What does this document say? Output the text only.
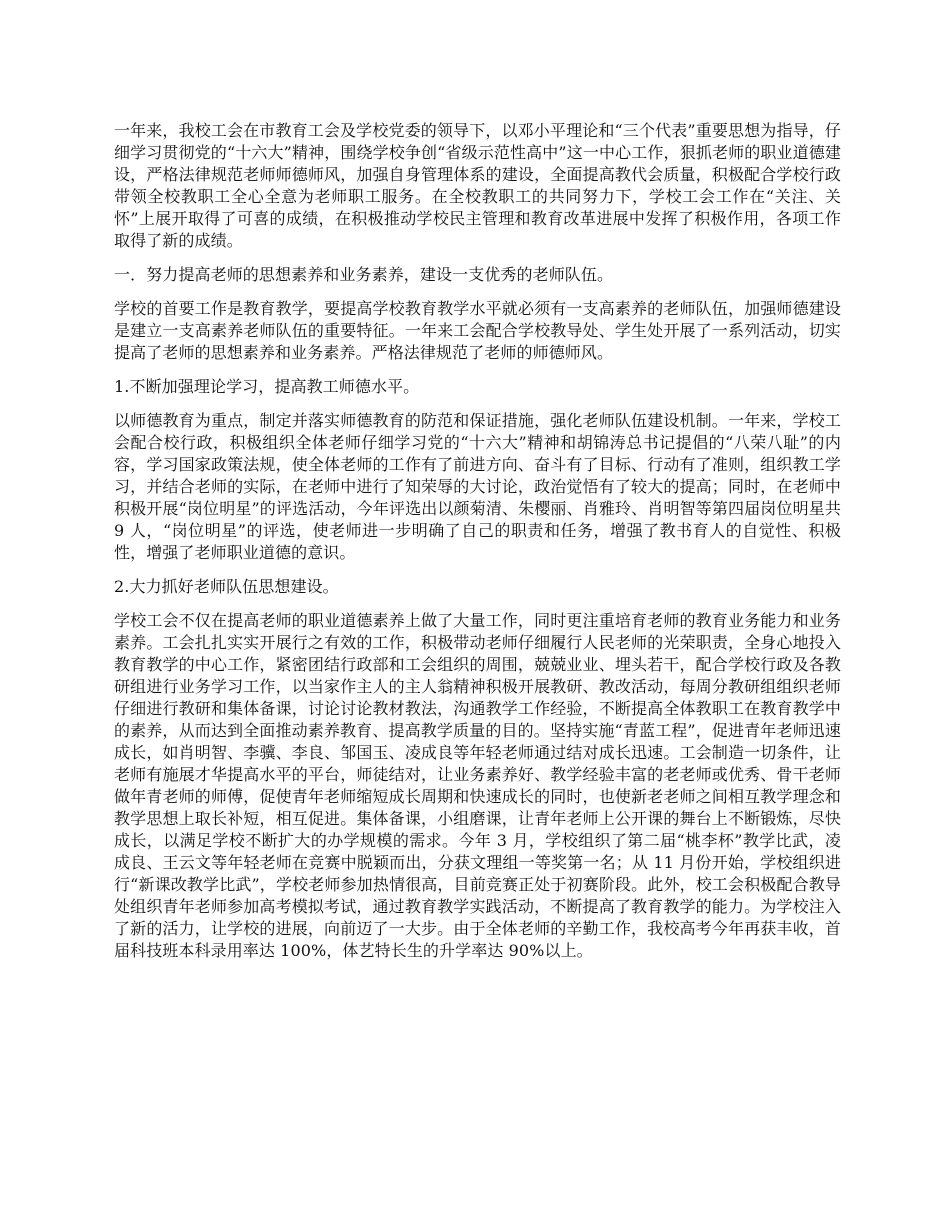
一年来，我校工会在市教育工会及学校党委的领导下，以邓小平理论和“三个代表”重要思想为指导，仔细学习贯彻党的“十六大”精神，围绕学校争创“省级示范性高中”这一中心工作，狠抓老师的职业道德建设，严格法律规范老师师德师风，加强自身管理体系的建设，全面提高教代会质量，积极配合学校行政带领全校教职工全心全意为老师职工服务。在全校教职工的共同努力下，学校工会工作在“关注、关怀”上展开取得了可喜的成绩，在积极推动学校民主管理和教育改革进展中发挥了积极作用，各项工作取得了新的成绩。

一．努力提高老师的思想素养和业务素养，建设一支优秀的老师队伍。

学校的首要工作是教育教学，要提高学校教育教学水平就必须有一支高素养的老师队伍，加强师德建设是建立一支高素养老师队伍的重要特征。一年来工会配合学校教导处、学生处开展了一系列活动，切实提高了老师的思想素养和业务素养。严格法律规范了老师的师德师风。

1.不断加强理论学习，提高教工师德水平。

以师德教育为重点，制定并落实师德教育的防范和保证措施，强化老师队伍建设机制。一年来，学校工会配合校行政，积极组织全体老师仔细学习党的“十六大”精神和胡锦涛总书记提倡的“八荣八耻”的内容，学习国家政策法规，使全体老师的工作有了前进方向、奋斗有了目标、行动有了准则，组织教工学习，并结合老师的实际，在老师中进行了知荣辱的大讨论，政治觉悟有了较大的提高；同时，在老师中积极开展“岗位明星”的评选活动，今年评选出以颜菊清、朱樱丽、肖雅玲、肖明智等第四届岗位明星共 9 人，“岗位明星”的评选，使老师进一步明确了自己的职责和任务，增强了教书育人的自觉性、积极性，增强了老师职业道德的意识。

2.大力抓好老师队伍思想建设。

学校工会不仅在提高老师的职业道德素养上做了大量工作，同时更注重培育老师的教育业务能力和业务素养。工会扎扎实实开展行之有效的工作，积极带动老师仔细履行人民老师的光荣职责，全身心地投入教育教学的中心工作，紧密团结行政部和工会组织的周围，兢兢业业、埋头若干，配合学校行政及各教研组进行业务学习工作，以当家作主人的主人翁精神积极开展教研、教改活动，每周分教研组组织老师仔细进行教研和集体备课，讨论讨论教材教法，沟通教学工作经验，不断提高全体教职工在教育教学中的素养，从而达到全面推动素养教育、提高教学质量的目的。坚持实施“青蓝工程”，促进青年老师迅速成长，如肖明智、李骥、李良、邹国玉、凌成良等年轻老师通过结对成长迅速。工会制造一切条件，让老师有施展才华提高水平的平台，师徒结对，让业务素养好、教学经验丰富的老老师或优秀、骨干老师做年青老师的师傅，促使青年老师缩短成长周期和快速成长的同时，也使新老老师之间相互教学理念和教学思想上取长补短，相互促进。集体备课，小组磨课，让青年老师上公开课的舞台上不断锻炼，尽快成长，以满足学校不断扩大的办学规模的需求。今年 3 月，学校组织了第二届“桃李杯”教学比武，凌成良、王云文等年轻老师在竞赛中脱颖而出，分获文理组一等奖第一名；从 11 月份开始，学校组织进行“新课改教学比武”，学校老师参加热情很高，目前竞赛正处于初赛阶段。此外，校工会积极配合教导处组织青年老师参加高考模拟考试，通过教育教学实践活动，不断提高了教育教学的能力。为学校注入了新的活力，让学校的进展，向前迈了一大步。由于全体老师的辛勤工作，我校高考今年再获丰收，首届科技班本科录用率达 100%，体艺特长生的升学率达 90%以上。
